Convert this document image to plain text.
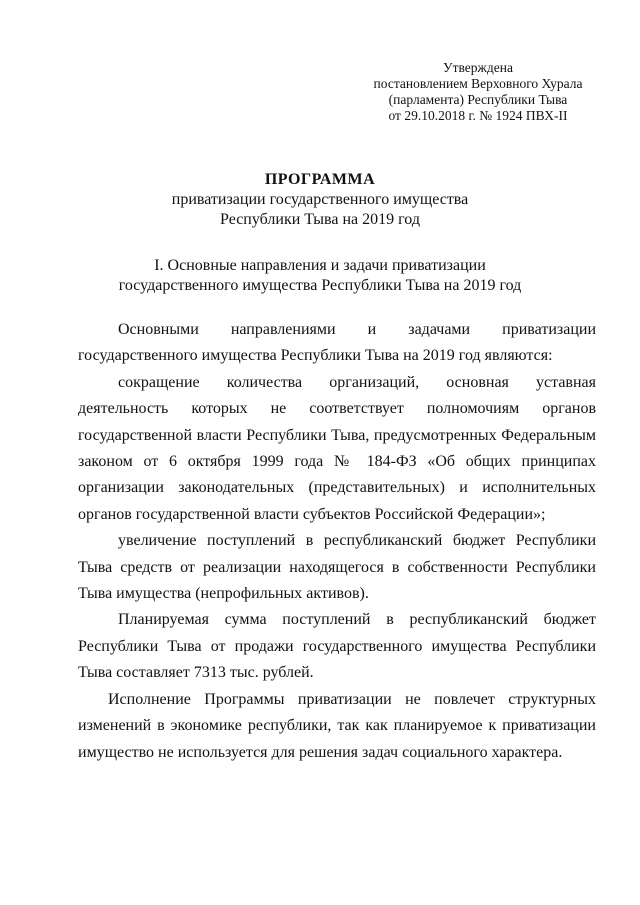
Утверждена
постановлением Верховного Хурала
(парламента) Республики Тыва
от 29.10.2018 г. № 1924 ПВХ-II
ПРОГРАММА
приватизации государственного имущества
Республики Тыва на 2019 год
I. Основные направления и задачи приватизации
государственного имущества Республики Тыва на 2019 год

Основными направлениями и задачами приватизации государственного имущества Республики Тыва на 2019 год являются:

сокращение количества организаций, основная уставная деятельность которых не соответствует полномочиям органов государственной власти Республики Тыва, предусмотренных Федеральным законом от 6 октября 1999 года № 184-ФЗ «Об общих принципах организации законодательных (представительных) и исполнительных органов государственной власти субъектов Российской Федерации»;

увеличение поступлений в республиканский бюджет Республики Тыва средств от реализации находящегося в собственности Республики Тыва имущества (непрофильных активов).

Планируемая сумма поступлений в республиканский бюджет Республики Тыва от продажи государственного имущества Республики Тыва составляет 7313 тыс. рублей.

Исполнение Программы приватизации не повлечет структурных изменений в экономике республики, так как планируемое к приватизации имущество не используется для решения задач социального характера.
